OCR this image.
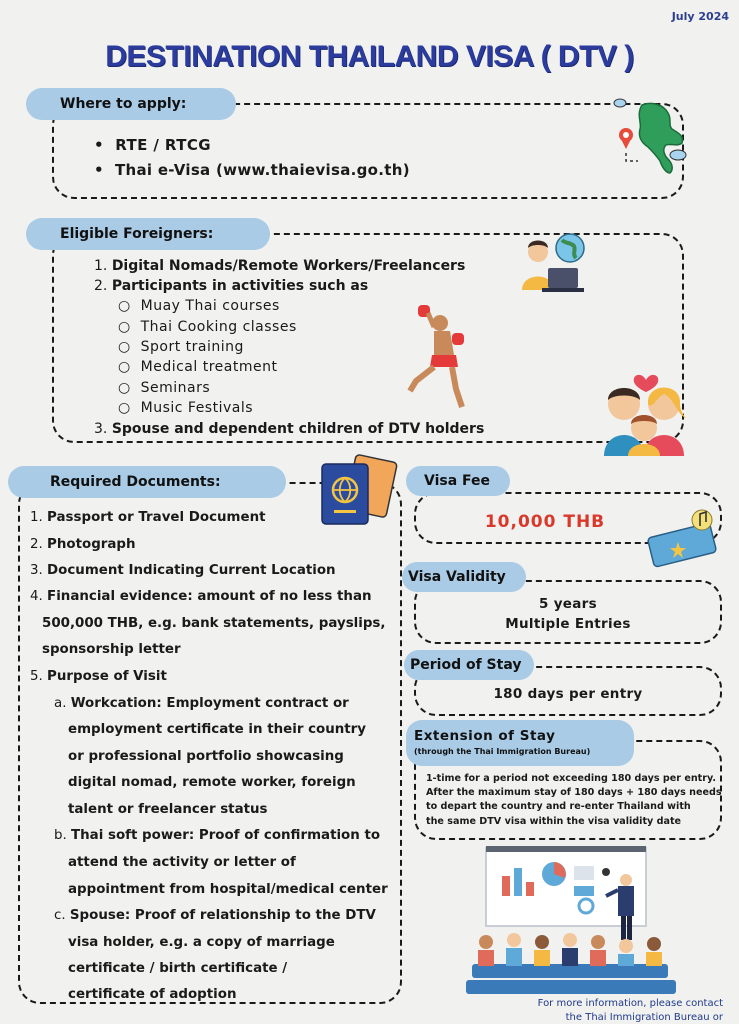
July 2024
DESTINATION THAILAND VISA ( DTV )
Where to apply:
•  RTE / RTCG
•  Thai e-Visa (www.thaievisa.go.th)
Eligible Foreigners:
1. Digital Nomads/Remote Workers/Freelancers
2. Participants in activities such as
○  Muay Thai courses
○  Thai Cooking classes
○  Sport training
○  Medical treatment
○  Seminars
○  Music Festivals
3. Spouse and dependent children of DTV holders
Required Documents:
1. Passport or Travel Document
2. Photograph
3. Document Indicating Current Location
4. Financial evidence: amount of no less than
500,000 THB, e.g. bank statements, payslips,
sponsorship letter
5. Purpose of Visit
a. Workcation: Employment contract or
employment certificate in their country
or professional portfolio showcasing
digital nomad, remote worker, foreign
talent or freelancer status
b. Thai soft power: Proof of confirmation to
attend the activity or letter of
appointment from hospital/medical center
c. Spouse: Proof of relationship to the DTV
visa holder, e.g. a copy of marriage
certificate / birth certificate /
certificate of adoption
Visa Fee
10,000 THB
Visa Validity
5 years
Multiple Entries
Period of Stay
180 days per entry
Extension of Stay
(through the Thai Immigration Bureau)
1-time for a period not exceeding 180 days per entry.
After the maximum stay of 180 days + 180 days needs
to depart the country and re-enter Thailand with
the same DTV visa within the visa validity date
For more information, please contact
the Thai Immigration Bureau or
